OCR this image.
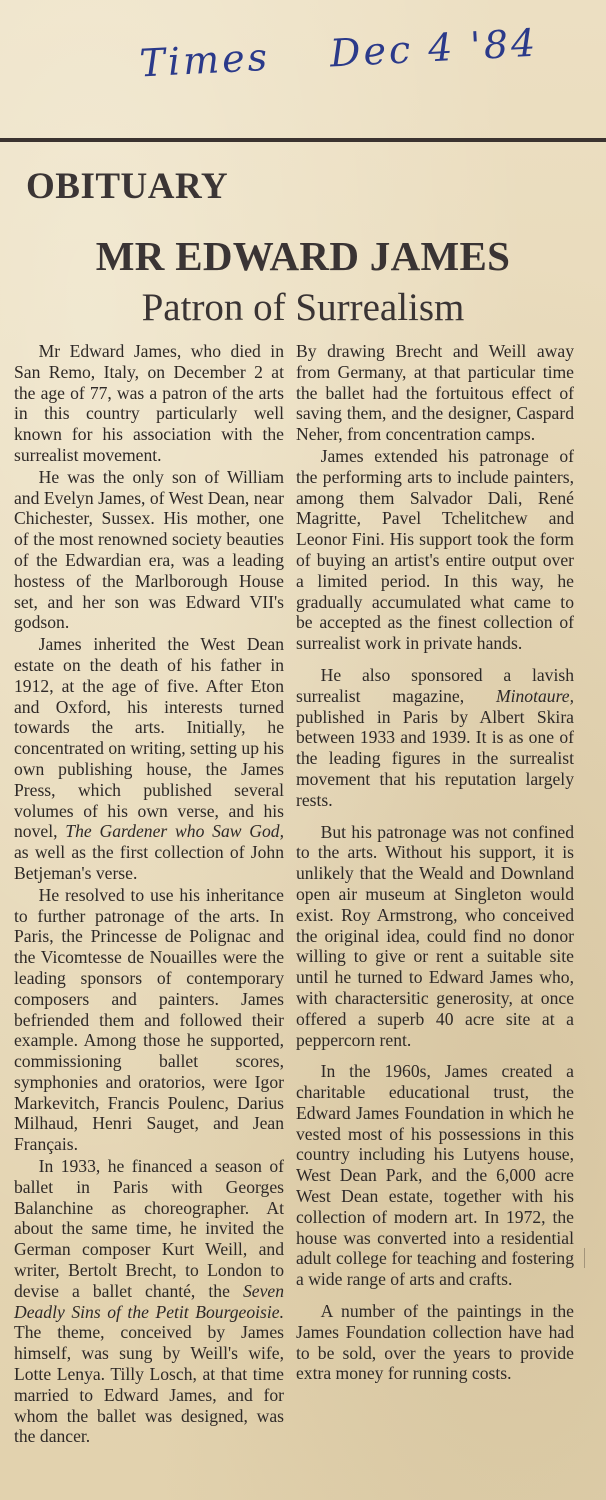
Times Dec 4 '84
OBITUARY
MR EDWARD JAMES
Patron of Surrealism

Mr Edward James, who died in San Remo, Italy, on December 2 at the age of 77, was a patron of the arts in this country particularly well known for his association with the surrealist movement.

He was the only son of William and Evelyn James, of West Dean, near Chichester, Sussex. His mother, one of the most renowned society beauties of the Edwardian era, was a leading hostess of the Marlborough House set, and her son was Edward VII's godson.

James inherited the West Dean estate on the death of his father in 1912, at the age of five. After Eton and Oxford, his interests turned towards the arts. Initially, he concentrated on writing, setting up his own publishing house, the James Press, which published several volumes of his own verse, and his novel, The Gardener who Saw God, as well as the first collection of John Betjeman's verse.

He resolved to use his inheritance to further patronage of the arts. In Paris, the Princesse de Polignac and the Vicomtesse de Nouailles were the leading sponsors of contemporary composers and painters. James befriended them and followed their example. Among those he supported, commissioning ballet scores, symphonies and oratorios, were Igor Markevitch, Francis Poulenc, Darius Milhaud, Henri Sauget, and Jean Français.

In 1933, he financed a season of ballet in Paris with Georges Balanchine as choreographer. At about the same time, he invited the German composer Kurt Weill, and writer, Bertolt Brecht, to London to devise a ballet chanté, the Seven Deadly Sins of the Petit Bourgeoisie. The theme, conceived by James himself, was sung by Weill's wife, Lotte Lenya. Tilly Losch, at that time married to Edward James, and for whom the ballet was designed, was the dancer.

By drawing Brecht and Weill away from Germany, at that particular time the ballet had the fortuitous effect of saving them, and the designer, Caspard Neher, from concentration camps.

James extended his patronage of the performing arts to include painters, among them Salvador Dali, René Magritte, Pavel Tchelitchew and Leonor Fini. His support took the form of buying an artist's entire output over a limited period. In this way, he gradually accumulated what came to be accepted as the finest collection of surrealist work in private hands.

He also sponsored a lavish surrealist magazine, Minotaure, published in Paris by Albert Skira between 1933 and 1939. It is as one of the leading figures in the surrealist movement that his reputation largely rests.

But his patronage was not confined to the arts. Without his support, it is unlikely that the Weald and Downland open air museum at Singleton would exist. Roy Armstrong, who conceived the original idea, could find no donor willing to give or rent a suitable site until he turned to Edward James who, with charactersitic generosity, at once offered a superb 40 acre site at a peppercorn rent.

In the 1960s, James created a charitable educational trust, the Edward James Foundation in which he vested most of his possessions in this country including his Lutyens house, West Dean Park, and the 6,000 acre West Dean estate, together with his collection of modern art. In 1972, the house was converted into a residential adult college for teaching and fostering a wide range of arts and crafts.

A number of the paintings in the James Foundation collection have had to be sold, over the years to provide extra money for running costs.
